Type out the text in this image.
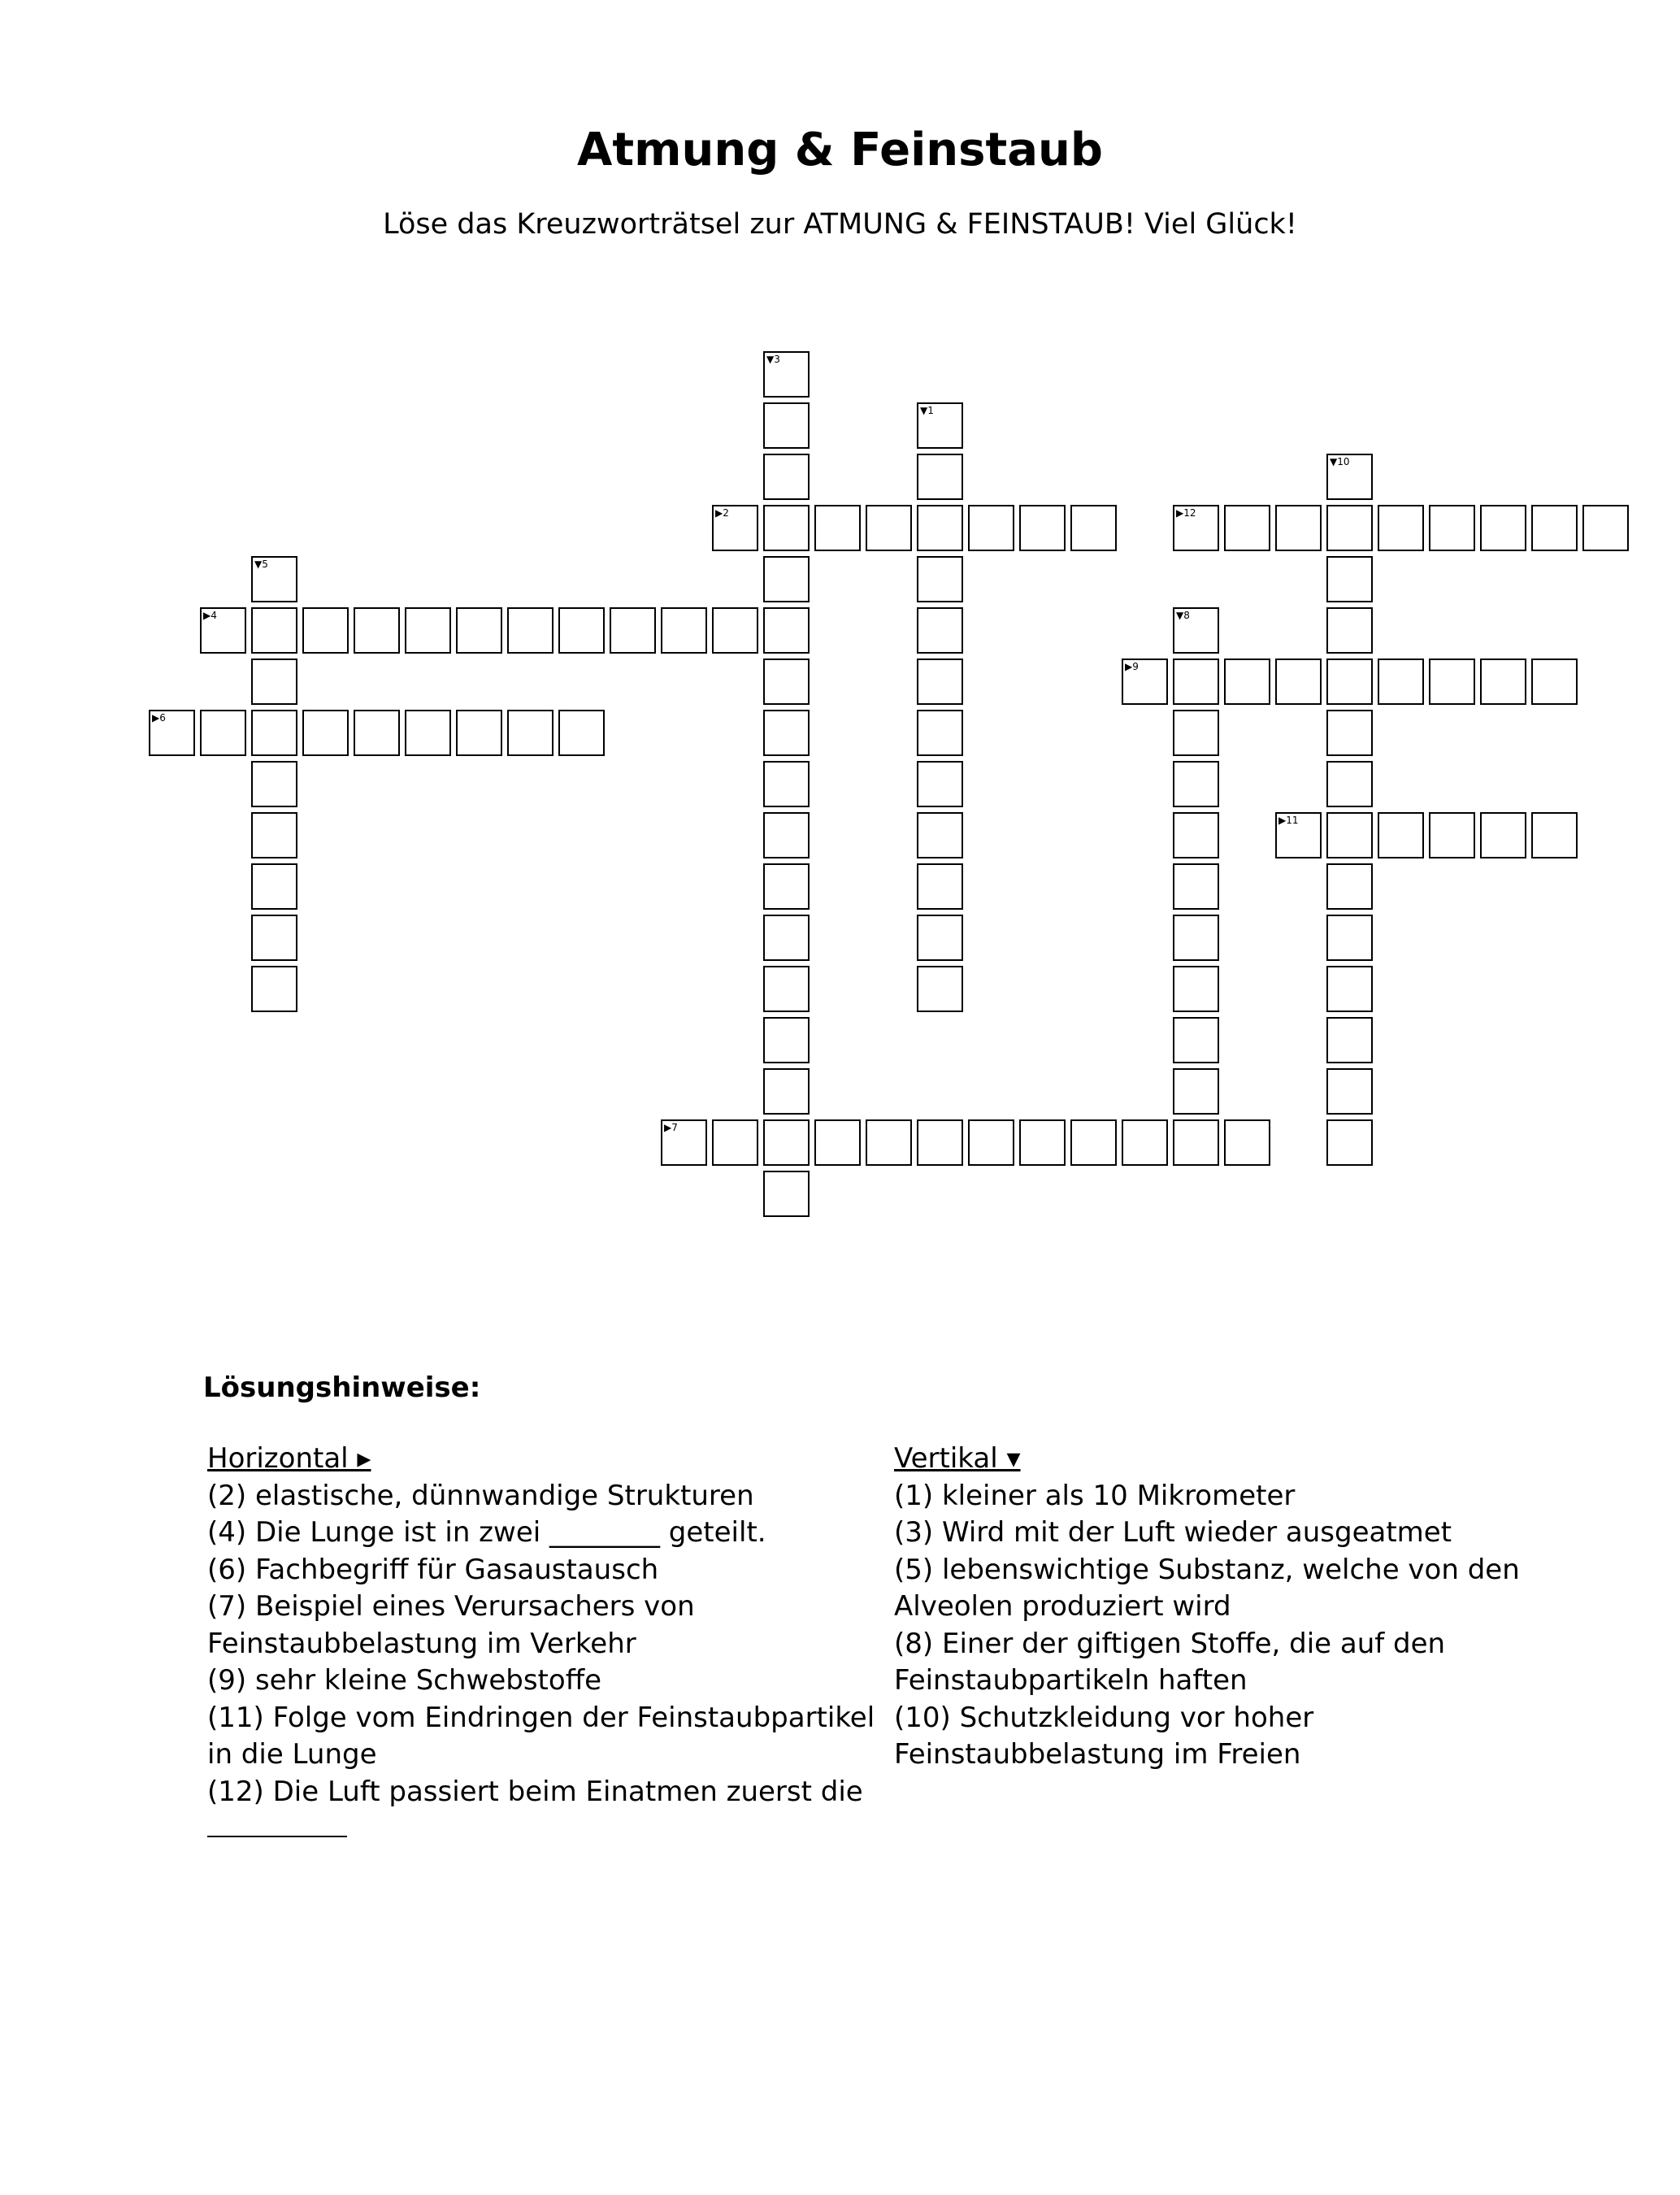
Atmung & Feinstaub
Löse das Kreuzworträtsel zur ATMUNG & FEINSTAUB! Viel Glück!
▼1
▶2
▼3
▶4
▼5
▶6
▶7
▼8
▶9
▼10
▶11
▶12
Lösungshinweise:
Horizontal ▸
(2) elastische, dünnwandige Strukturen
(4) Die Lunge ist in zwei ________ geteilt.
(6) Fachbegriff für Gasaustausch
(7) Beispiel eines Verursachers von
Feinstaubbelastung im Verkehr
(9) sehr kleine Schwebstoffe
(11) Folge vom Eindringen der Feinstaubpartikel
in die Lunge
(12) Die Luft passiert beim Einatmen zuerst die
Vertikal ▾
(1) kleiner als 10 Mikrometer
(3) Wird mit der Luft wieder ausgeatmet
(5) lebenswichtige Substanz, welche von den
Alveolen produziert wird
(8) Einer der giftigen Stoffe, die auf den
Feinstaubpartikeln haften
(10) Schutzkleidung vor hoher
Feinstaubbelastung im Freien
